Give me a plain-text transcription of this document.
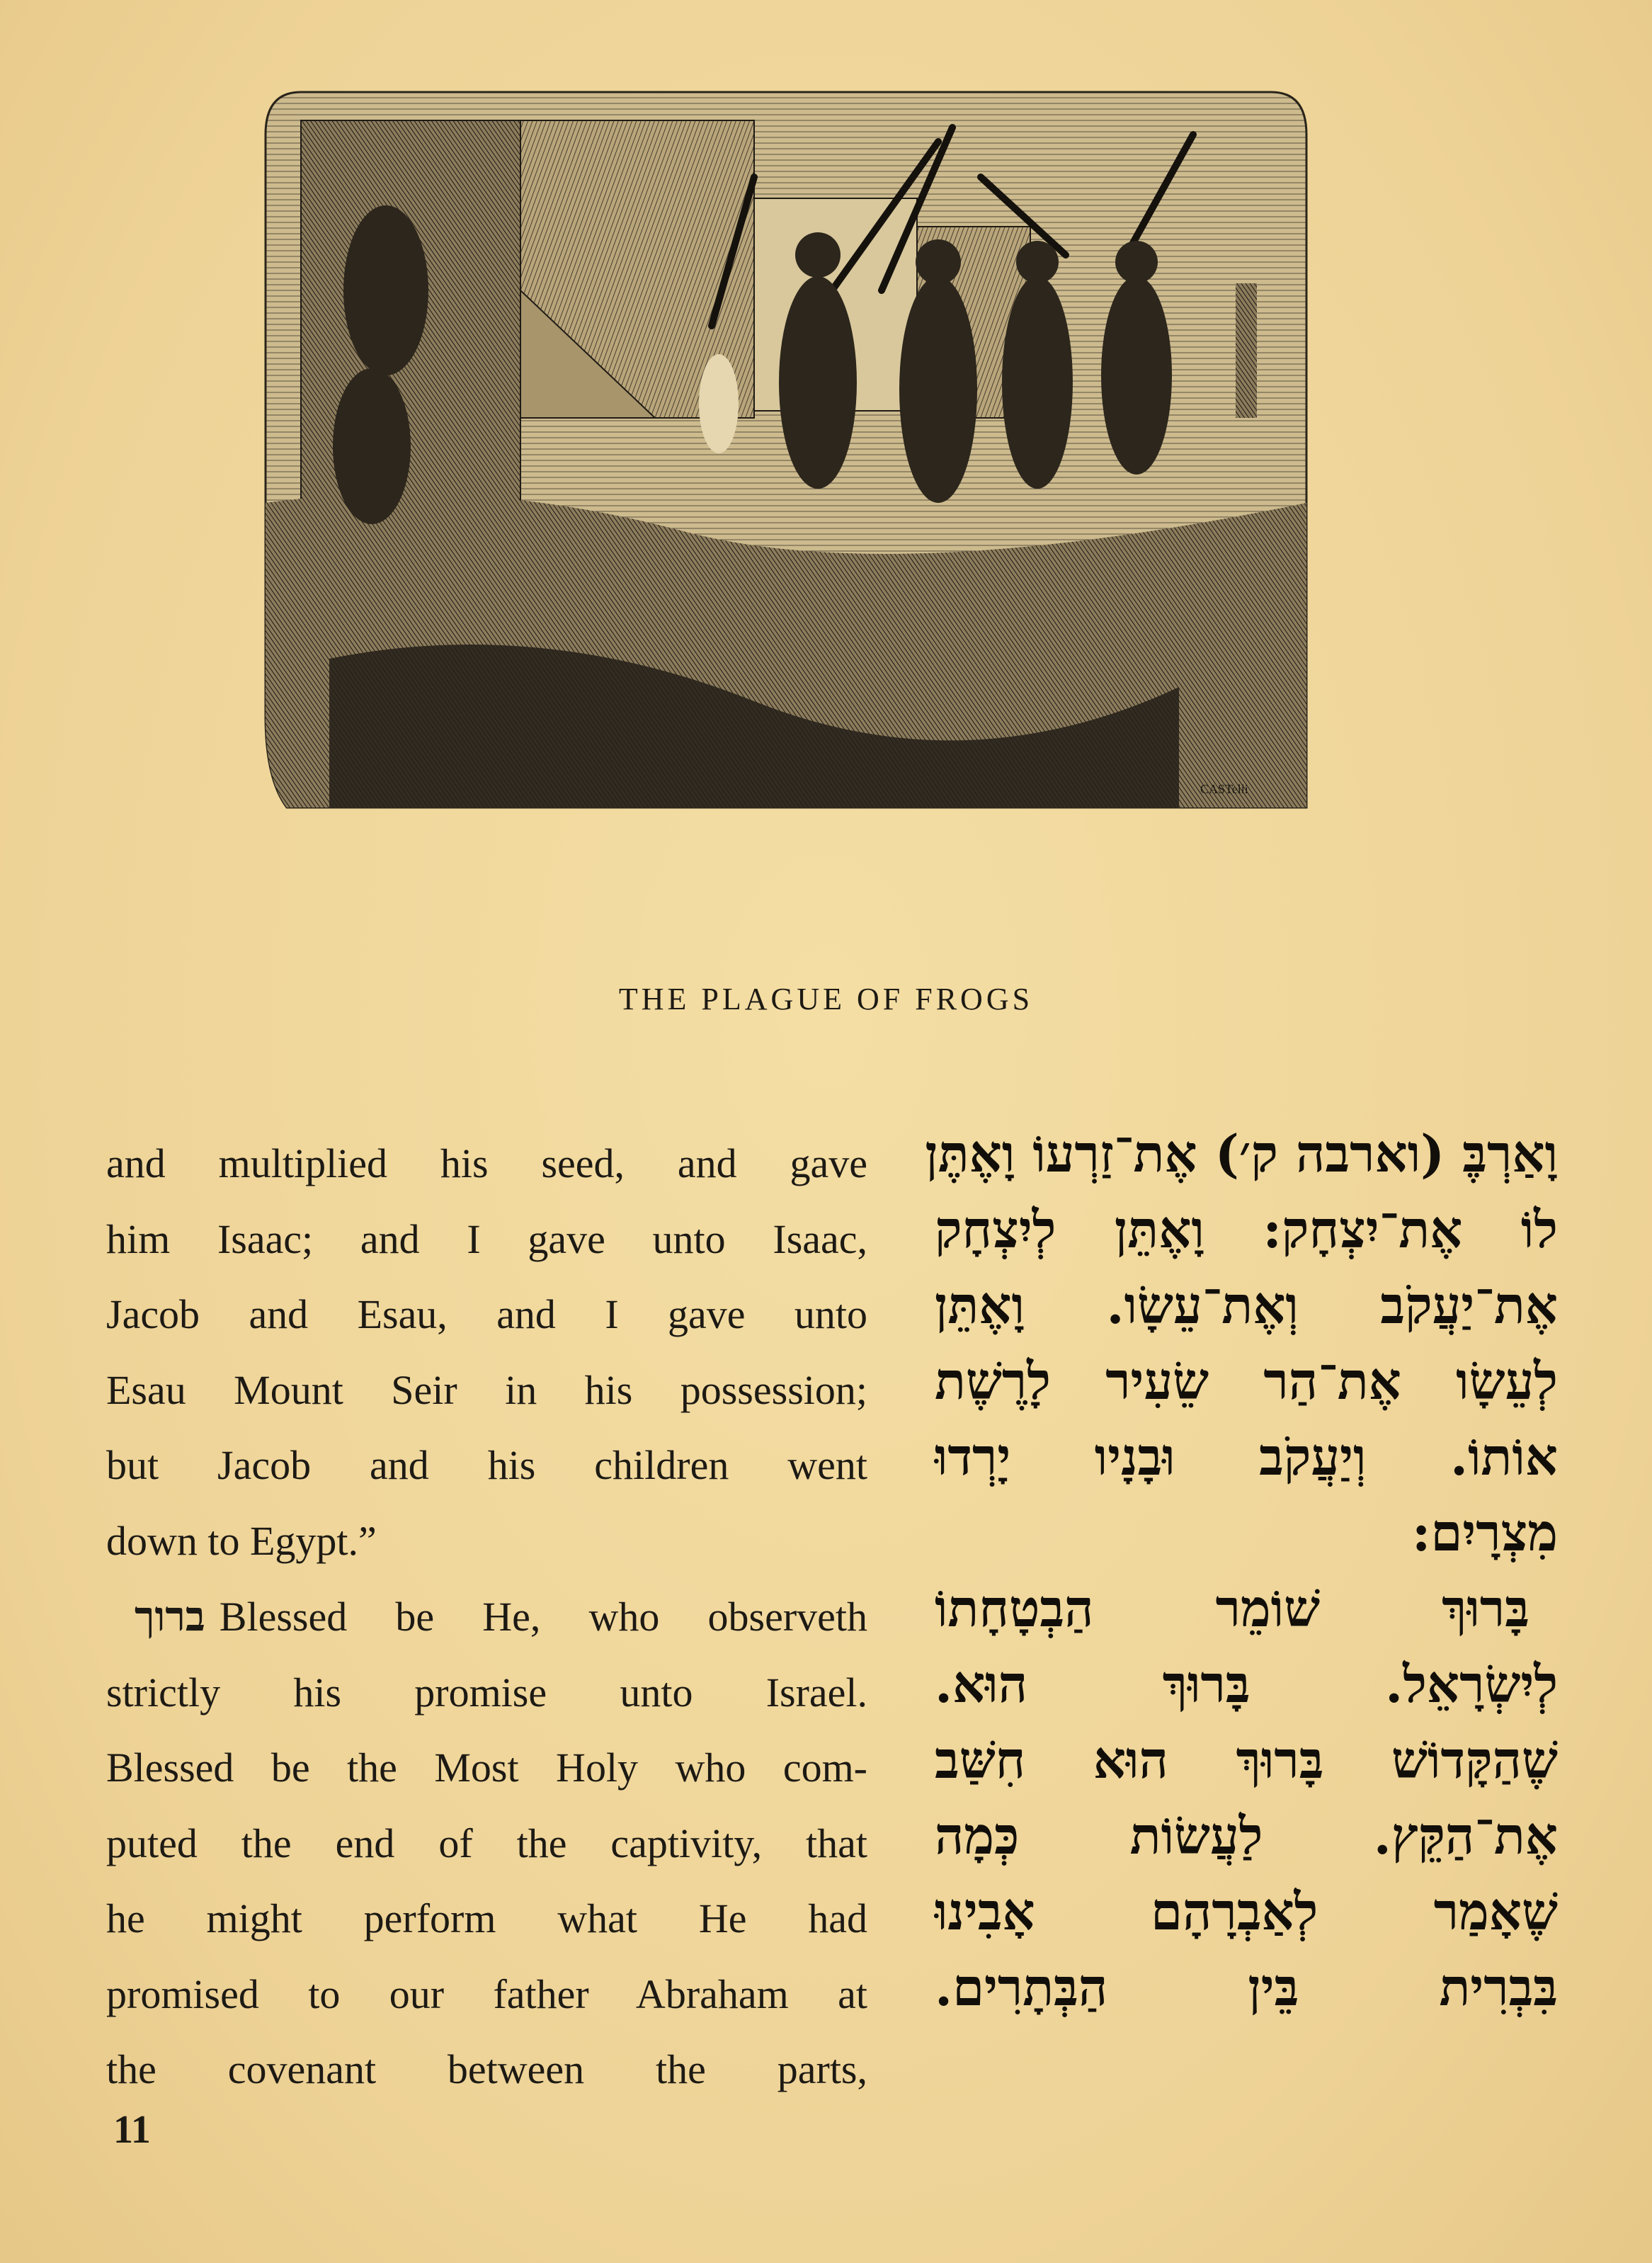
CASTelli
THE PLAGUE OF FROGS
and multiplied his seed, and gave
him Isaac; and I gave unto Isaac,
Jacob and Esau, and I gave unto
Esau Mount Seir in his possession;
but Jacob and his children went
down to Egypt.”
ברוך Blessed be He, who observeth
strictly his promise unto Israel.
Blessed be the Most Holy who com-
puted the end of the captivity, that
he might perform what He had
promised to our father Abraham at
the covenant between the parts,
וָאַרְבֶּ (וארבה ק׳) אֶת־זַרְעוֹ וָאֶתֶּן
לוֹ אֶת־יִצְחָק: וָאֶתֵּן לְיִצְחָק
אֶת־יַעֲקֹב וְאֶת־עֵשָׂו. וָאֶתֵּן
לְעֵשָׂו אֶת־הַר שֵׂעִיר לָרֶשֶׁת
אוֹתוֹ. וְיַעֲקֹב וּבָנָיו יָרְדוּ
מִצְרָיִם:
בָּרוּךְ שׁוֹמֵר הַבְטָחָתוֹ
לְיִשְׂרָאֵל. בָּרוּךְ הוּא.
שֶׁהַקָּדוֹשׁ בָּרוּךְ הוּא חִשַּׁב
אֶת־הַקֵּץ. לַעֲשׂוֹת כְּמָה
שֶׁאָמַר לְאַבְרָהָם אָבִינוּ
בִּבְרִית בֵּין הַבְּתָרִים.
11
